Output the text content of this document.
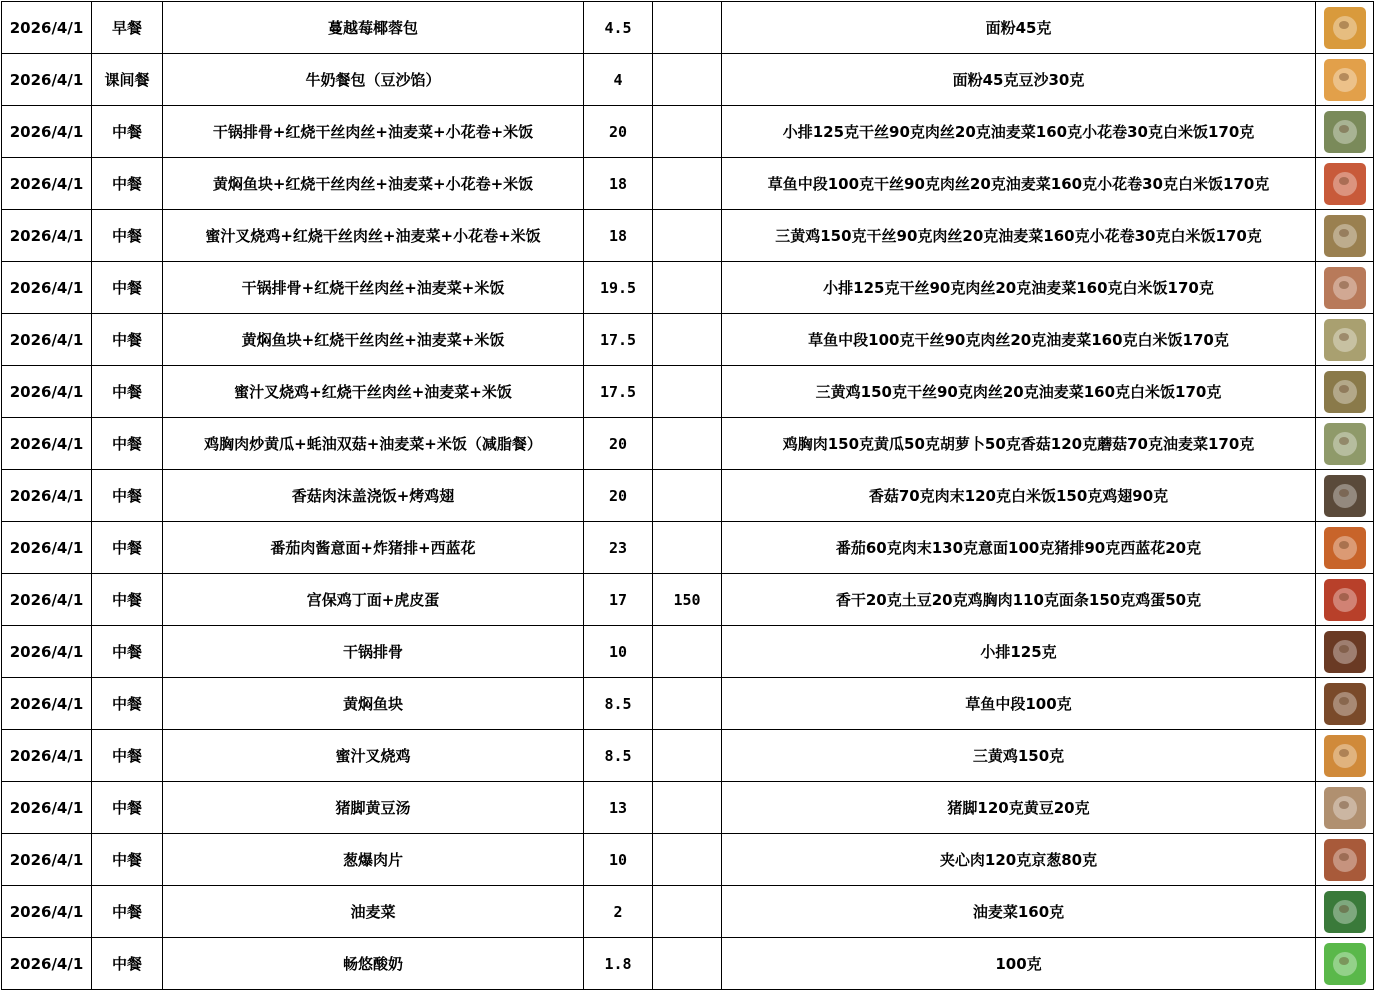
2026/4/1	早餐	蔓越莓椰蓉包	4.5		面粉45克	

2026/4/1	课间餐	牛奶餐包（豆沙馅）	4		面粉45克豆沙30克	

2026/4/1	中餐	干锅排骨+红烧干丝肉丝+油麦菜+小花卷+米饭	20		小排125克干丝90克肉丝20克油麦菜160克小花卷30克白米饭170克	

2026/4/1	中餐	黄焖鱼块+红烧干丝肉丝+油麦菜+小花卷+米饭	18		草鱼中段100克干丝90克肉丝20克油麦菜160克小花卷30克白米饭170克	

2026/4/1	中餐	蜜汁叉烧鸡+红烧干丝肉丝+油麦菜+小花卷+米饭	18		三黄鸡150克干丝90克肉丝20克油麦菜160克小花卷30克白米饭170克	

2026/4/1	中餐	干锅排骨+红烧干丝肉丝+油麦菜+米饭	19.5		小排125克干丝90克肉丝20克油麦菜160克白米饭170克	

2026/4/1	中餐	黄焖鱼块+红烧干丝肉丝+油麦菜+米饭	17.5		草鱼中段100克干丝90克肉丝20克油麦菜160克白米饭170克	

2026/4/1	中餐	蜜汁叉烧鸡+红烧干丝肉丝+油麦菜+米饭	17.5		三黄鸡150克干丝90克肉丝20克油麦菜160克白米饭170克	

2026/4/1	中餐	鸡胸肉炒黄瓜+蚝油双菇+油麦菜+米饭（减脂餐）	20		鸡胸肉150克黄瓜50克胡萝卜50克香菇120克蘑菇70克油麦菜170克	

2026/4/1	中餐	香菇肉沫盖浇饭+烤鸡翅	20		香菇70克肉末120克白米饭150克鸡翅90克	

2026/4/1	中餐	番茄肉酱意面+炸猪排+西蓝花	23		番茄60克肉末130克意面100克猪排90克西蓝花20克	

2026/4/1	中餐	宫保鸡丁面+虎皮蛋	17	150	香干20克土豆20克鸡胸肉110克面条150克鸡蛋50克	

2026/4/1	中餐	干锅排骨	10		小排125克	

2026/4/1	中餐	黄焖鱼块	8.5		草鱼中段100克	

2026/4/1	中餐	蜜汁叉烧鸡	8.5		三黄鸡150克	

2026/4/1	中餐	猪脚黄豆汤	13		猪脚120克黄豆20克	

2026/4/1	中餐	葱爆肉片	10		夹心肉120克京葱80克	

2026/4/1	中餐	油麦菜	2		油麦菜160克	

2026/4/1	中餐	畅悠酸奶	1.8		100克	
